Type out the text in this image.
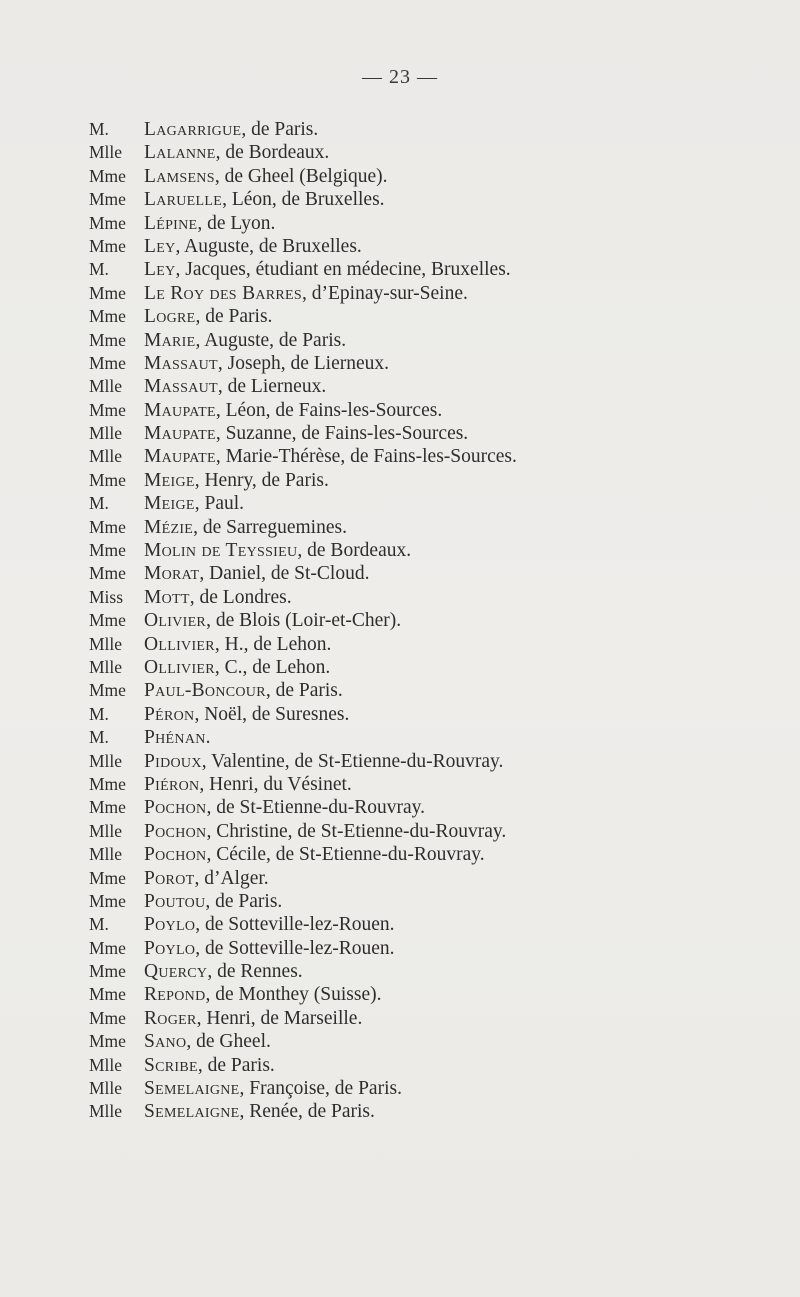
— 23 —
M.	Lagarrigue , de Paris.
Mlle	Lalanne , de Bordeaux.
Mme Lamsens , de Gheel (Belgique).
Mme Laruelle , Léon, de Bruxelles.
Mme Lépine , de Lyon.
Mme Ley , Auguste, de Bruxelles.
M.	Ley , Jacques, étudiant en médecine, Bruxelles.
Mme Le Roy des Barres , d’Epinay-sur-Seine.
Mme Logre , de Paris.
Mme Marie , Auguste, de Paris.
Mme Massaut , Joseph, de Lierneux.
Mlle	Massaut , de Lierneux.
Mme Maupate , Léon, de Fains-les-Sources.
Mlle	Maupate , Suzanne, de Fains-les-Sources.
Mlle	Maupate , Marie-Thérèse, de Fains-les-Sources.
Mme Meige , Henry, de Paris.
M.	Meige , Paul.
Mme Mézie , de Sarreguemines.
Mme Molin de Teyssieu , de Bordeaux.
Mme Morat , Daniel, de St-Cloud.
Miss	Mott , de Londres.
Mme Olivier , de Blois (Loir-et-Cher).
Mlle	Ollivier , H., de Lehon.
Mlle	Ollivier , C., de Lehon.
Mme Paul-Boncour , de Paris.
M.	Péron , Noël, de Suresnes.
M.	Phénan .
Mlle	Pidoux , Valentine, de St-Etienne-du-Rouvray.
Mme Piéron , Henri, du Vésinet.
Mme Pochon , de St-Etienne-du-Rouvray.
Mlle	Pochon , Christine, de St-Etienne-du-Rouvray.
Mlle	Pochon , Cécile, de St-Etienne-du-Rouvray.
Mme Porot , d’Alger.
Mme Poutou , de Paris.
M.	Poylo , de Sotteville-lez-Rouen.
Mme Poylo , de Sotteville-lez-Rouen.
Mme Quercy , de Rennes.
Mme Repond , de Monthey (Suisse).
Mme Roger , Henri, de Marseille.
Mme Sano , de Gheel.
Mlle	Scribe , de Paris.
Mlle	Semelaigne , Françoise, de Paris.
Mlle	Semelaigne , Renée, de Paris.
